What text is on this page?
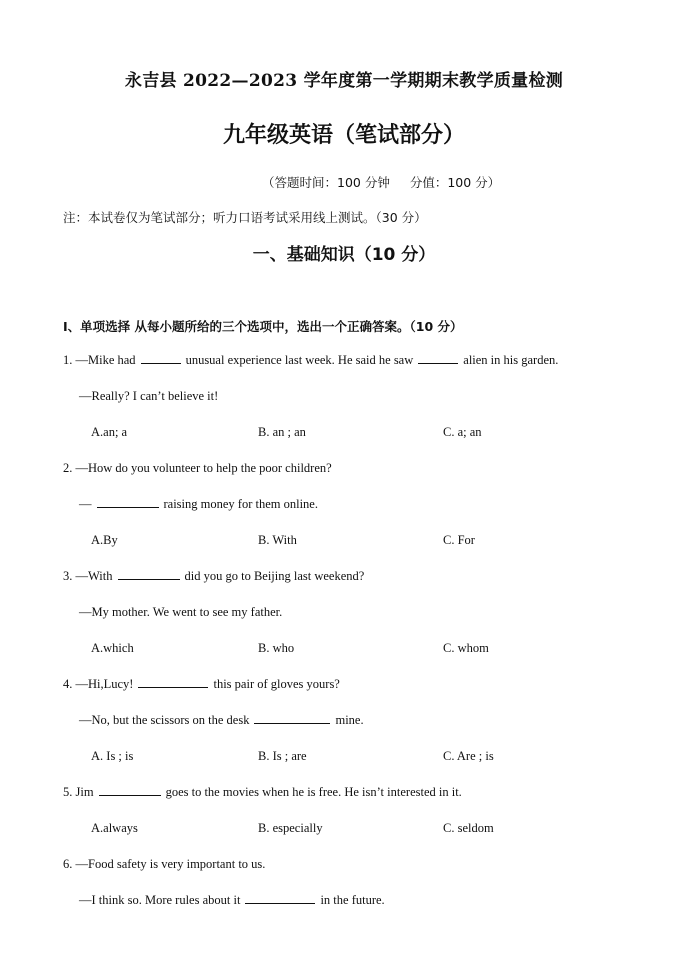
永吉县 2022—2023 学年度第一学期期末教学质量检测
九年级英语（笔试部分）
（答题时间：100 分钟 分值：100 分）
注：本试卷仅为笔试部分；听力口语考试采用线上测试。（30 分）
一、基础知识（10 分）
Ⅰ、单项选择 从每小题所给的三个选项中，选出一个正确答案。（10 分）
1. —Mike had	unusual experience last week. He said he saw	alien in his garden.
—Really? I can’t believe it!
A.an; a	B. an ; an	C. a; an
2. —How do you volunteer to help the poor children?
—	raising money for them online.
A.By	B. With	C. For
3. —With	did you go to Beijing last weekend?
—My mother. We went to see my father.
A.which	B. who	C. whom
4. —Hi,Lucy!	this pair of gloves yours?
—No, but the scissors on the desk	mine.
A. Is ; is	B. Is ; are	C. Are ; is
5. Jim	goes to the movies when he is free. He isn’t interested in it.
A.always	B. especially	C. seldom
6. —Food safety is very important to us.
—I think so. More rules about it	in the future.
